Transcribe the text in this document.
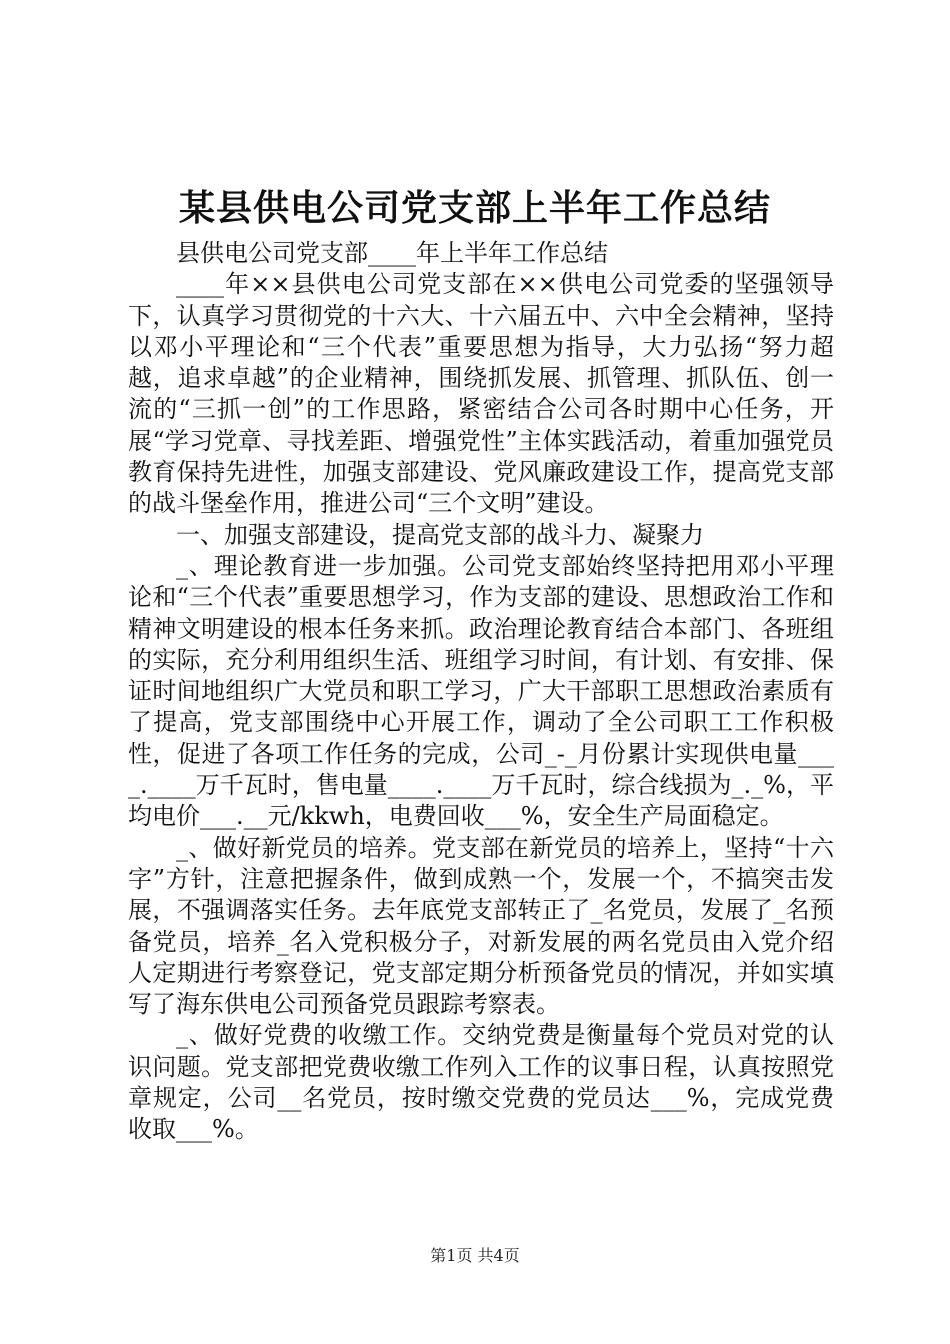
某县供电公司党支部上半年工作总结

县供电公司党支部____年上半年工作总结

____年××县供电公司党支部在××供电公司党委的坚强领导下，认真学习贯彻党的十六大、十六届五中、六中全会精神，坚持以邓小平理论和“三个代表”重要思想为指导，大力弘扬“努力超越，追求卓越”的企业精神，围绕抓发展、抓管理、抓队伍、创一流的“三抓一创”的工作思路，紧密结合公司各时期中心任务，开展“学习党章、寻找差距、增强党性”主体实践活动，着重加强党员教育保持先进性，加强支部建设、党风廉政建设工作，提高党支部的战斗堡垒作用，推进公司“三个文明”建设。

一、加强支部建设，提高党支部的战斗力、凝聚力

_、理论教育进一步加强。公司党支部始终坚持把用邓小平理论和“三个代表”重要思想学习，作为支部的建设、思想政治工作和精神文明建设的根本任务来抓。政治理论教育结合本部门、各班组的实际，充分利用组织生活、班组学习时间，有计划、有安排、保证时间地组织广大党员和职工学习，广大干部职工思想政治素质有了提高，党支部围绕中心开展工作，调动了全公司职工工作积极性，促进了各项工作任务的完成，公司_-_月份累计实现供电量____.____万千瓦时，售电量____.____万千瓦时，综合线损为_._%，平均电价___.__元/kkwh，电费回收___%，安全生产局面稳定。

_、做好新党员的培养。党支部在新党员的培养上，坚持“十六字”方针，注意把握条件，做到成熟一个，发展一个，不搞突击发展，不强调落实任务。去年底党支部转正了_名党员，发展了_名预备党员，培养_名入党积极分子，对新发展的两名党员由入党介绍人定期进行考察登记，党支部定期分析预备党员的情况，并如实填写了海东供电公司预备党员跟踪考察表。

_、做好党费的收缴工作。交纳党费是衡量每个党员对党的认识问题。党支部把党费收缴工作列入工作的议事日程，认真按照党章规定，公司__名党员，按时缴交党费的党员达___%，完成党费收取___%。

第1页 共4页
